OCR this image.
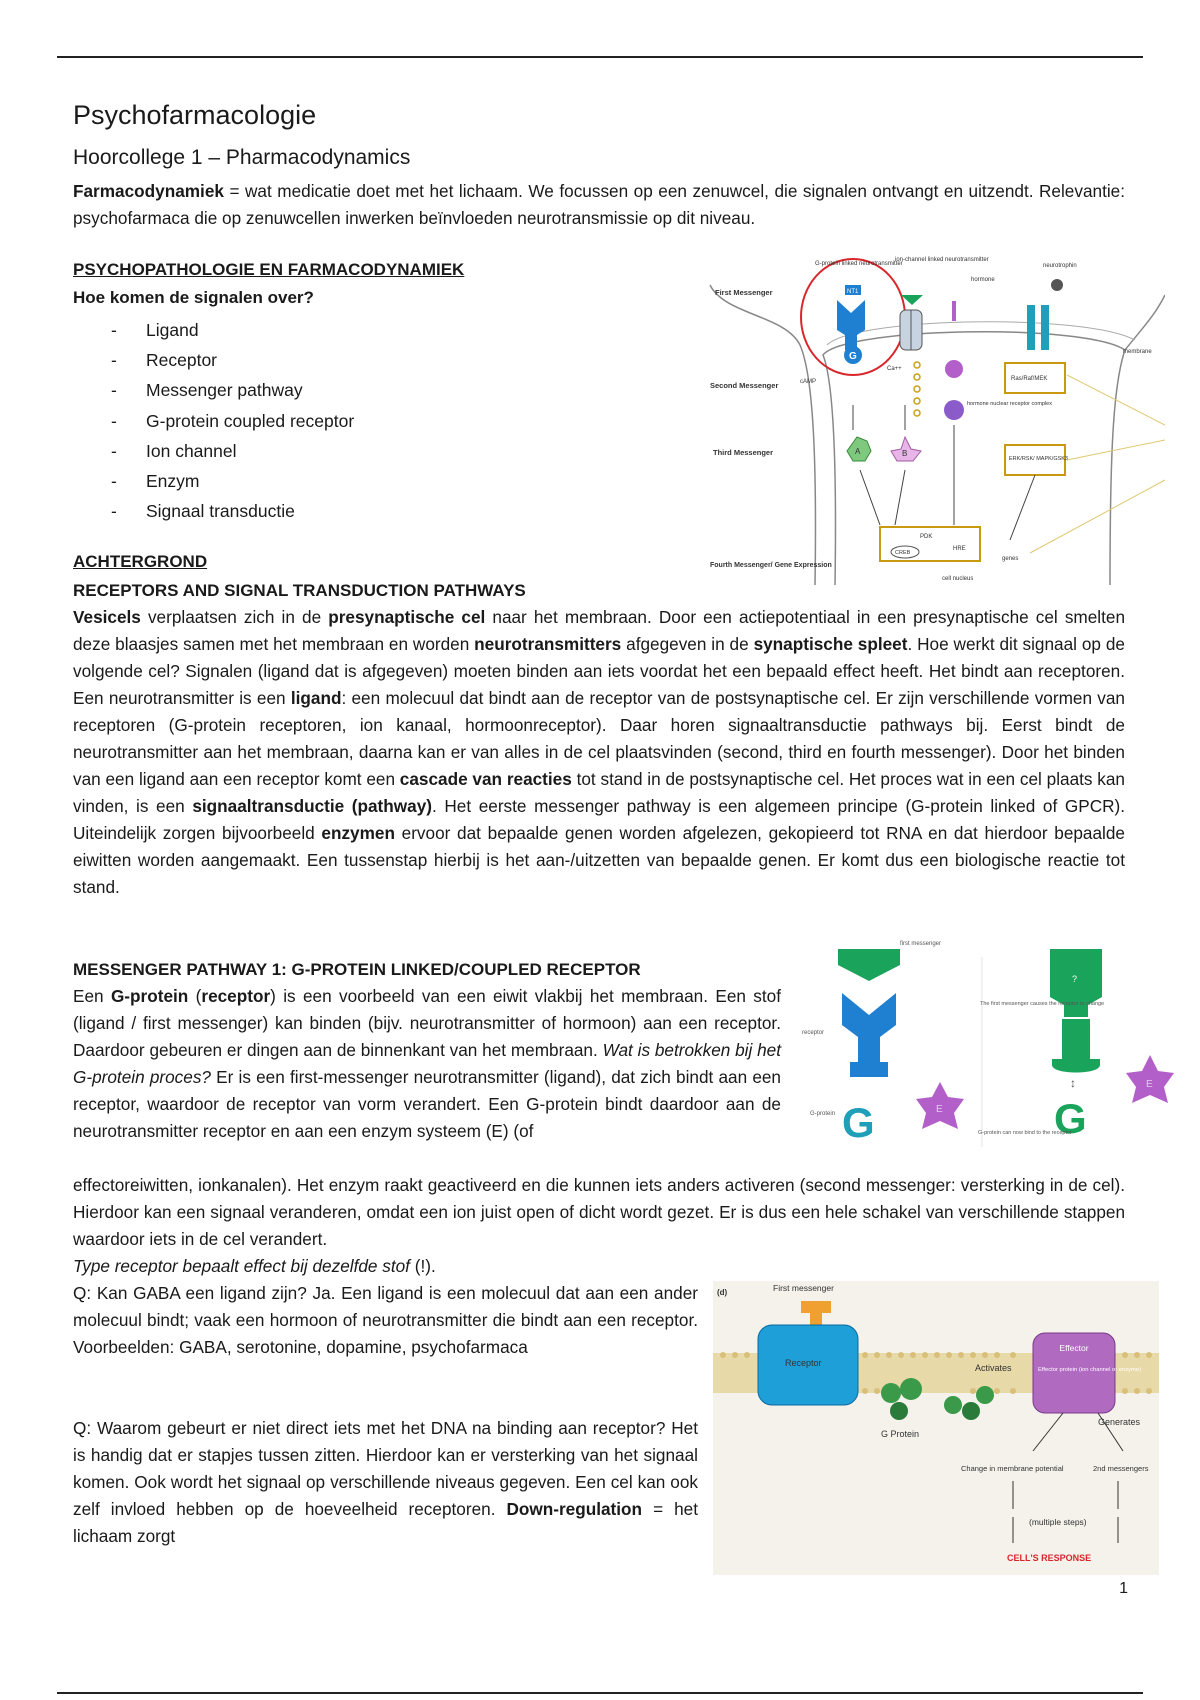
Psychofarmacologie
Hoorcollege 1 – Pharmacodynamics
Farmacodynamiek = wat medicatie doet met het lichaam. We focussen op een zenuwcel, die signalen ontvangt en uitzendt. Relevantie: psychofarmaca die op zenuwcellen inwerken beïnvloeden neurotransmissie op dit niveau.
PSYCHOPATHOLOGIE EN FARMACODYNAMIEK
Hoe komen de signalen over?
- Ligand
- Receptor
- Messenger pathway
- G-protein coupled receptor
- Ion channel
- Enzym
- Signaal transductie
First Messenger
Second Messenger
Third Messenger
Fourth Messenger/ Gene Expression
G-protein linked neurotransmitter
ion-channel linked neurotransmitter
hormone
neurotrophin
membrane
NT1
G
hormone nuclear receptor complex
Ras/Raf/MEK
ERK/RSK/ MAPK/GSK3
cAMP
Ca++
A	B
PDK
CREB
HRE
genes
cell nucleus
ACHTERGROND
RECEPTORS AND SIGNAL TRANSDUCTION PATHWAYS
Vesicels verplaatsen zich in de presynaptische cel naar het membraan. Door een actiepotentiaal in een presynaptische cel smelten deze blaasjes samen met het membraan en worden neurotransmitters afgegeven in de synaptische spleet. Hoe werkt dit signaal op de volgende cel? Signalen (ligand dat is afgegeven) moeten binden aan iets voordat het een bepaald effect heeft. Het bindt aan receptoren. Een neurotransmitter is een ligand: een molecuul dat bindt aan de receptor van de postsynaptische cel. Er zijn verschillende vormen van receptoren (G-protein receptoren, ion kanaal, hormoonreceptor). Daar horen signaaltransductie pathways bij. Eerst bindt de neurotransmitter aan het membraan, daarna kan er van alles in de cel plaatsvinden (second, third en fourth messenger). Door het binden van een ligand aan een receptor komt een cascade van reacties tot stand in de postsynaptische cel. Het proces wat in een cel plaats kan vinden, is een signaaltransductie (pathway). Het eerste messenger pathway is een algemeen principe (G-protein linked of GPCR). Uiteindelijk zorgen bijvoorbeeld enzymen ervoor dat bepaalde genen worden afgelezen, gekopieerd tot RNA en dat hierdoor bepaalde eiwitten worden aangemaakt. Een tussenstap hierbij is het aan-/uitzetten van bepaalde genen. Er komt dus een biologische reactie tot stand.
MESSENGER PATHWAY 1: G-PROTEIN LINKED/COUPLED RECEPTOR
Een G-protein (receptor) is een voorbeeld van een eiwit vlakbij het membraan. Een stof (ligand / first messenger) kan binden (bijv. neurotransmitter of hormoon) aan een receptor. Daardoor gebeuren er dingen aan de binnenkant van het membraan. Wat is betrokken bij het G-protein proces? Er is een first-messenger neurotransmitter (ligand), dat zich bindt aan een receptor, waardoor de receptor van vorm verandert. Een G-protein bindt daardoor aan de neurotransmitter receptor en aan een enzym systeem (E) (of
effectoreiwitten, ionkanalen). Het enzym raakt geactiveerd en die kunnen iets anders activeren (second messenger: versterking in de cel). Hierdoor kan een signaal veranderen, omdat een ion juist open of dicht wordt gezet. Er is dus een hele schakel van verschillende stappen waardoor iets in de cel verandert.
Type receptor bepaalt effect bij dezelfde stof (!).
Q: Kan GABA een ligand zijn? Ja. Een ligand is een molecuul dat aan een ander molecuul bindt; vaak een hormoon of neurotransmitter die bindt aan een receptor. Voorbeelden: GABA, serotonine, dopamine, psychofarmaca
Q: Waarom gebeurt er niet direct iets met het DNA na binding aan receptor? Het is handig dat er stapjes tussen zitten. Hierdoor kan er versterking van het signaal komen. Ook wordt het signaal op verschillende niveaus gegeven. Een cel kan ook zelf invloed hebben op de hoeveelheid receptoren. Down-regulation = het lichaam zorgt
first messenger
receptor
G-protein G	E
?
The first messenger causes the receptor to change
↕
G
E
G-protein can now bind to the receptor
(d)	First messenger
Receptor
G Protein
Activates
Effector
Effector protein (ion channel or enzyme)
Generates
Change in membrane potential	2nd messengers
(multiple steps)
CELL'S RESPONSE
1
